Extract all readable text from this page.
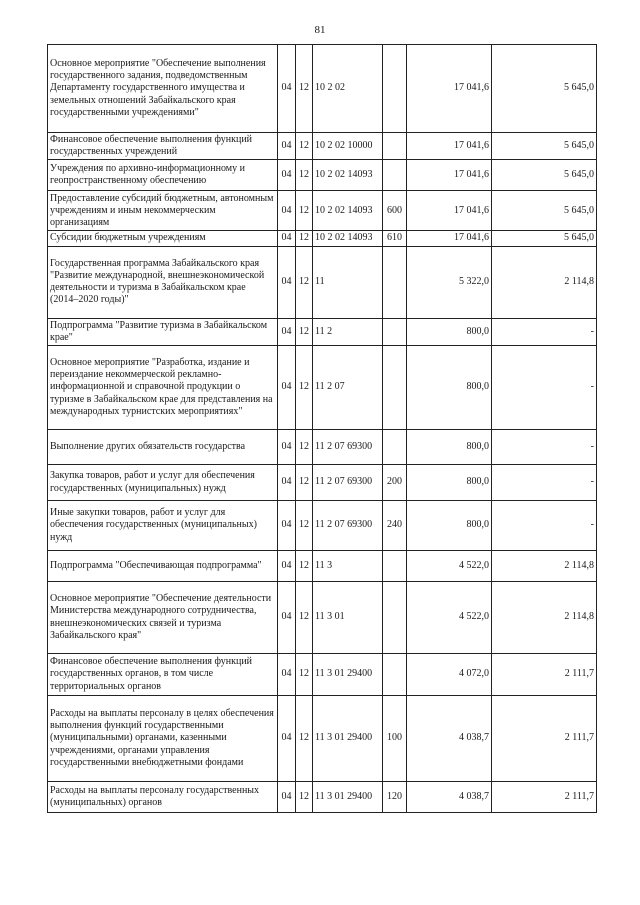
81
Основное мероприятие "Обеспечение выполнения государственного задания, подведомственным Департаменту государственного имущества и земельных отношений Забайкальского края государственными учреждениями"	04	12	10 2 02		17 041,6	5 645,0
Финансовое обеспечение выполнения функций государственных учреждений	04	12	10 2 02 10000		17 041,6	5 645,0
Учреждения по архивно-информационному и геопространственному обеспечению	04	12	10 2 02 14093		17 041,6	5 645,0
Предоставление субсидий бюджетным, автономным учреждениям и иным некоммерческим организациям	04	12	10 2 02 14093	600	17 041,6	5 645,0
Субсидии бюджетным учреждениям	04	12	10 2 02 14093	610	17 041,6	5 645,0
Государственная программа Забайкальского края "Развитие международной, внешнеэкономической деятельности и туризма в Забайкальском крае (2014–2020 годы)"	04	12	11		5 322,0	2 114,8
Подпрограмма "Развитие туризма в Забайкальском крае"	04	12	11 2		800,0	-
Основное мероприятие "Разработка, издание и переиздание некоммерческой рекламно-информационной и справочной продукции о туризме в Забайкальском крае для представления на международных турнистских мероприятиях"	04	12	11 2 07		800,0	-
Выполнение других обязательств государства	04	12	11 2 07 69300		800,0	-
Закупка товаров, работ и услуг для обеспечения государственных (муниципальных) нужд	04	12	11 2 07 69300	200	800,0	-
Иные закупки товаров, работ и услуг для обеспечения государственных (муниципальных) нужд	04	12	11 2 07 69300	240	800,0	-
Подпрограмма "Обеспечивающая подпрограмма"	04	12	11 3		4 522,0	2 114,8
Основное мероприятие "Обеспечение деятельности Министерства международного сотрудничества, внешнеэкономических связей и туризма Забайкальского края"	04	12	11 3 01		4 522,0	2 114,8
Финансовое обеспечение выполнения функций государственных органов, в том числе территориальных органов	04	12	11 3 01 29400		4 072,0	2 111,7
Расходы на выплаты персоналу в целях обеспечения выполнения функций государственными (муниципальными) органами, казенными учреждениями, органами управления государственными внебюджетными фондами	04	12	11 3 01 29400	100	4 038,7	2 111,7
Расходы на выплаты персоналу государственных (муниципальных) органов	04	12	11 3 01 29400	120	4 038,7	2 111,7
